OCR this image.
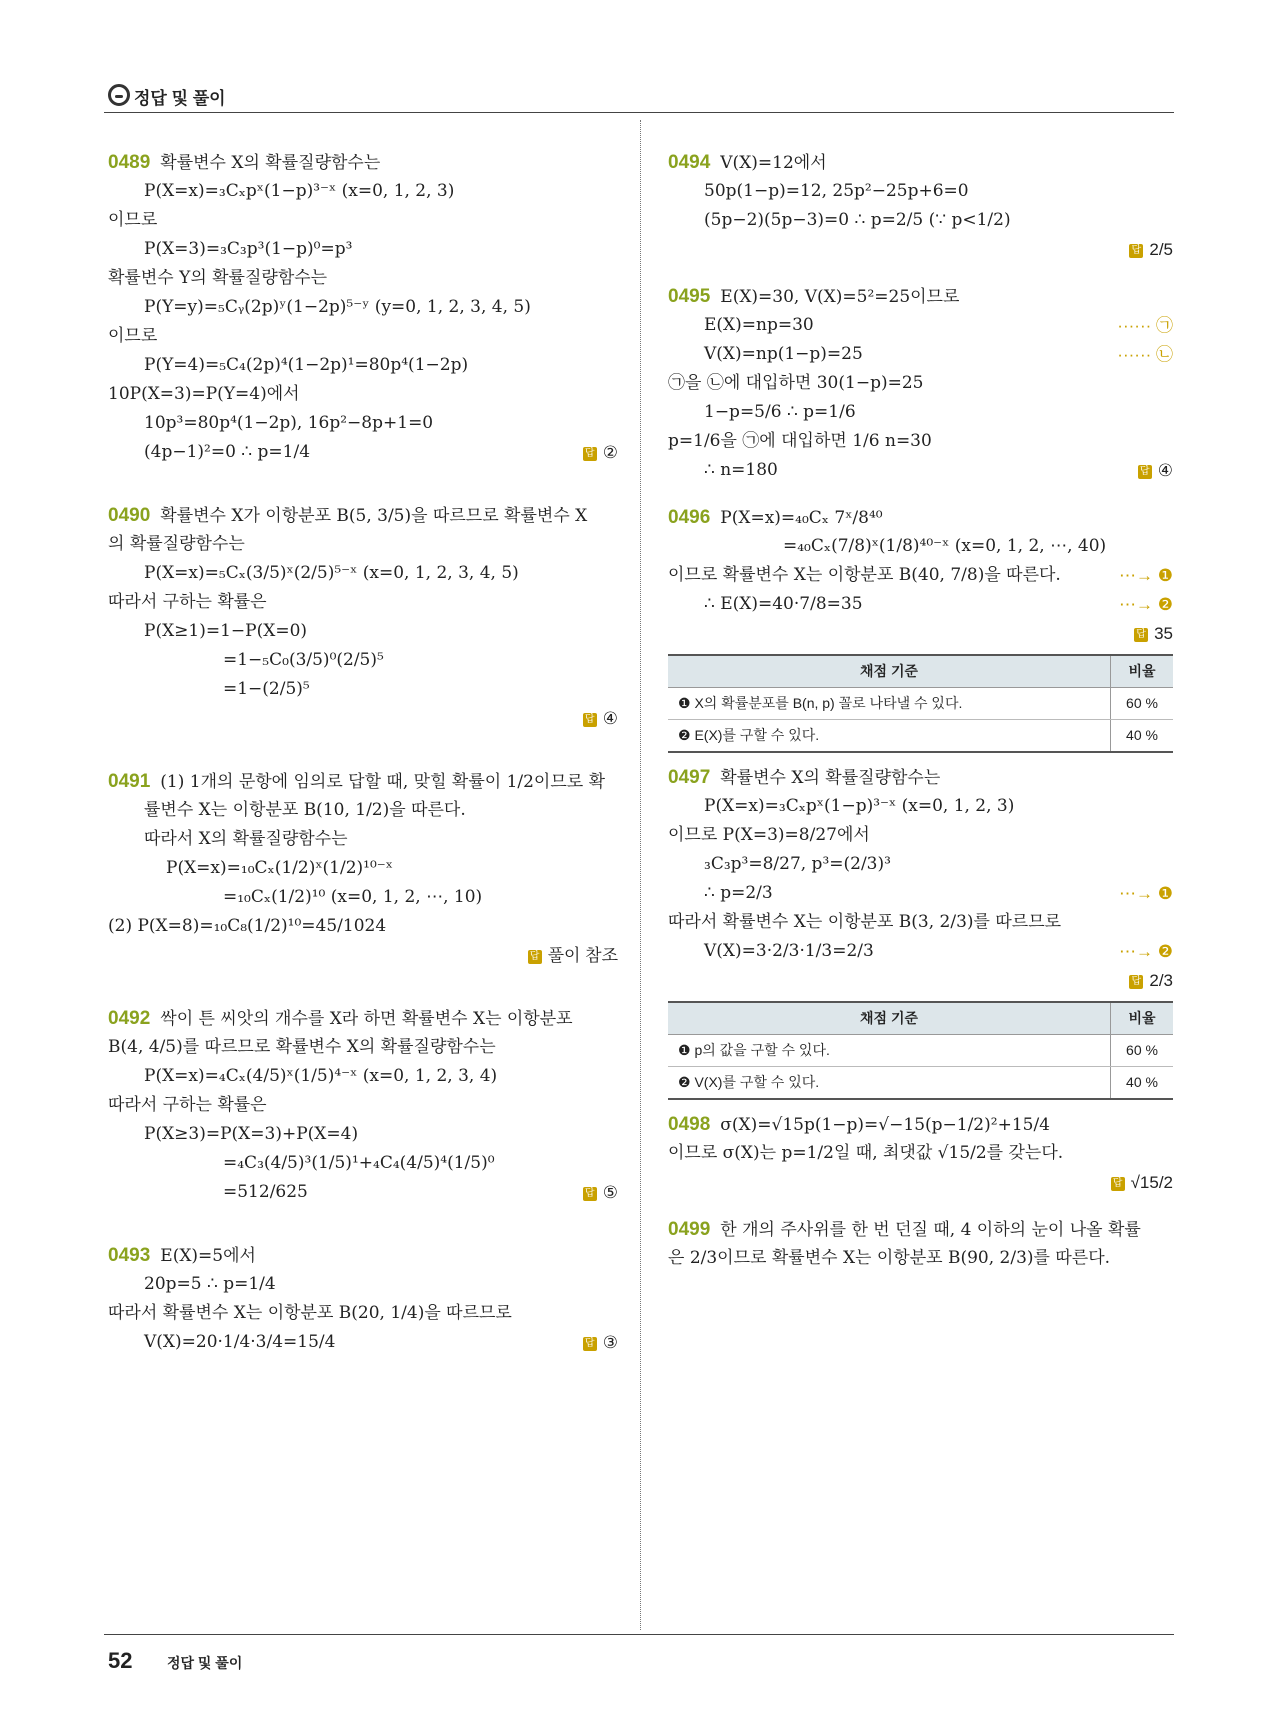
정답 및 풀이
0489 확률변수 X의 확률질량함수는
P(X=x)=₃Cₓpˣ(1−p)³⁻ˣ (x=0, 1, 2, 3)
이므로
P(X=3)=₃C₃p³(1−p)⁰=p³
확률변수 Y의 확률질량함수는
P(Y=y)=₅Cᵧ(2p)ʸ(1−2p)⁵⁻ʸ (y=0, 1, 2, 3, 4, 5)
이므로
P(Y=4)=₅C₄(2p)⁴(1−2p)¹=80p⁴(1−2p)
10P(X=3)=P(Y=4)에서
10p³=80p⁴(1−2p), 16p²−8p+1=0
(4p−1)²=0 ∴ p=1/4	답 ②
0490 확률변수 X가 이항분포 B(5, 3/5)을 따르므로 확률변수 X
의 확률질량함수는
P(X=x)=₅Cₓ(3/5)ˣ(2/5)⁵⁻ˣ (x=0, 1, 2, 3, 4, 5)
따라서 구하는 확률은
P(X≥1)=1−P(X=0)
=1−₅C₀(3/5)⁰(2/5)⁵
=1−(2/5)⁵
답 ④
0491 (1) 1개의 문항에 임의로 답할 때, 맞힐 확률이 1/2이므로 확
률변수 X는 이항분포 B(10, 1/2)을 따른다.
따라서 X의 확률질량함수는
P(X=x)=₁₀Cₓ(1/2)ˣ(1/2)¹⁰⁻ˣ
=₁₀Cₓ(1/2)¹⁰ (x=0, 1, 2, ⋯, 10)
(2) P(X=8)=₁₀C₈(1/2)¹⁰=45/1024
답 풀이 참조
0492 싹이 튼 씨앗의 개수를 X라 하면 확률변수 X는 이항분포
B(4, 4/5)를 따르므로 확률변수 X의 확률질량함수는
P(X=x)=₄Cₓ(4/5)ˣ(1/5)⁴⁻ˣ (x=0, 1, 2, 3, 4)
따라서 구하는 확률은
P(X≥3)=P(X=3)+P(X=4)
=₄C₃(4/5)³(1/5)¹+₄C₄(4/5)⁴(1/5)⁰
=512/625	답 ⑤
0493 E(X)=5에서
20p=5 ∴ p=1/4
따라서 확률변수 X는 이항분포 B(20, 1/4)을 따르므로
V(X)=20·1/4·3/4=15/4	답 ③
0494 V(X)=12에서
50p(1−p)=12, 25p²−25p+6=0
(5p−2)(5p−3)=0 ∴ p=2/5 (∵ p<1/2)
답 2/5
0495 E(X)=30, V(X)=5²=25이므로
E(X)=np=30	······ ㉠
V(X)=np(1−p)=25	······ ㉡
㉠을 ㉡에 대입하면 30(1−p)=25
1−p=5/6 ∴ p=1/6
p=1/6을 ㉠에 대입하면 1/6 n=30
∴ n=180	답 ④
0496 P(X=x)=₄₀Cₓ 7ˣ/8⁴⁰
=₄₀Cₓ(7/8)ˣ(1/8)⁴⁰⁻ˣ (x=0, 1, 2, ⋯, 40)
이므로 확률변수 X는 이항분포 B(40, 7/8)을 따른다.	⋯→ ❶
∴ E(X)=40·7/8=35	⋯→ ❷
답 35
채점 기준	비율
❶ X의 확률분포를 B(n, p) 꼴로 나타낼 수 있다.	60 %
❷ E(X)를 구할 수 있다.	40 %
0497 확률변수 X의 확률질량함수는
P(X=x)=₃Cₓpˣ(1−p)³⁻ˣ (x=0, 1, 2, 3)
이므로 P(X=3)=8/27에서
₃C₃p³=8/27, p³=(2/3)³
∴ p=2/3	⋯→ ❶
따라서 확률변수 X는 이항분포 B(3, 2/3)를 따르므로
V(X)=3·2/3·1/3=2/3	⋯→ ❷
답 2/3
채점 기준	비율
❶ p의 값을 구할 수 있다.	60 %
❷ V(X)를 구할 수 있다.	40 %
0498 σ(X)=√15p(1−p)=√−15(p−1/2)²+15/4
이므로 σ(X)는 p=1/2일 때, 최댓값 √15/2를 갖는다.
답 √15/2
0499 한 개의 주사위를 한 번 던질 때, 4 이하의 눈이 나올 확률
은 2/3이므로 확률변수 X는 이항분포 B(90, 2/3)를 따른다.
52 정답 및 풀이
